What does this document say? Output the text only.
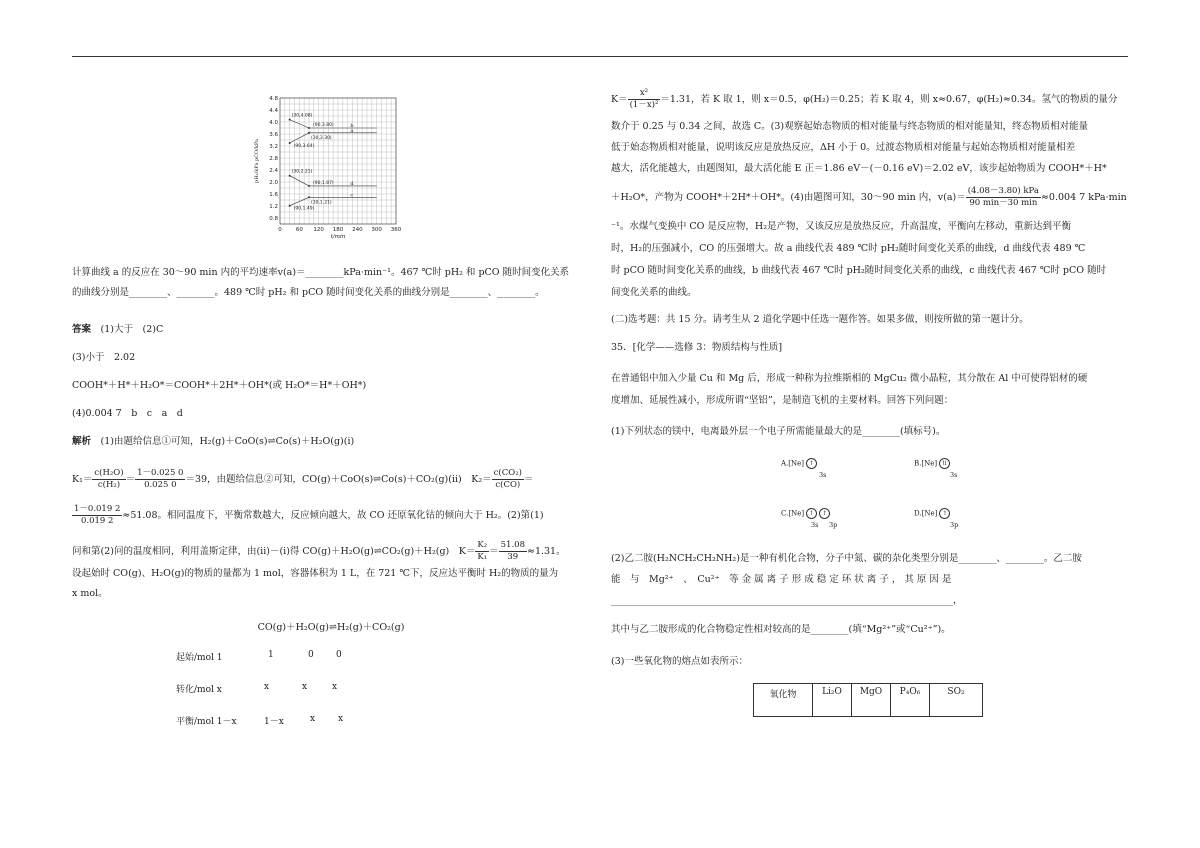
0	60 120 180 240 300 360
0.8
1.2
1.6
2.0
2.4
2.8
3.2
3.6
4.0
4.4
4.8
t/min
pH₂/kPa pCO/kPa
(30,4.08)
(90,3.80)	b
(90,3.64)
(30,3.30)
a
(30,2.21)
(90,1.87)	d
(90,1.49)
(30,1.21)
c

计算曲线 a 的反应在 30～90 min 内的平均速率v(a)＝________kPa·min⁻¹。467 ℃时 pH₂ 和 pCO 随时间变化关系

的曲线分别是________、________。489 ℃时 pH₂ 和 pCO 随时间变化关系的曲线分别是________、________。

答案　 (1)大于　(2)C

(3)小于　2.02

COOH*＋H*＋H₂O*＝COOH*＋2H*＋OH*(或 H₂O*＝H*＋OH*)

(4)0.004 7　b　c　a　d

解析　 (1)由题给信息①可知，H₂(g)＋CoO(s)⇌Co(s)＋H₂O(g)(i)

$K_1= \frac{\text{c(H₂O)}}{\text{c(H₂)}} = \frac{1-0.025 0}{0.025 0} =39$，由题给信息②可知，CO(g)＋CoO(s)⇌Co(s)＋CO₂(g)(ii)　$K_2= \frac{\text{c(CO₂)}}{c(CO)}$ ＝
$\frac{1-0.019 2}{0.019 2} \approx 51.08$。相同温度下，平衡常数越大，反应倾向越大，故 CO 还原氧化钴的倾向大于 H₂。(2)第(1)
问和第(2)问的温度相同，利用盖斯定律，由(ii)－(i)得 CO(g)＋H₂O(g)⇌CO₂(g)＋H₂(g)　$K= \frac{\text{K₂}}{\text{K₁}} = \frac{51.08}{39} \approx 1.31$。

设起始时 CO(g)、H₂O(g)的物质的量都为 1 mol，容器体积为 1 L，在 721 ℃下，反应达平衡时 H₂的物质的量为

x mol。

CO(g)＋H₂O(g)⇌H₂(g)＋CO₂(g)

起始/mol 1	1	0 0
转化/mol x	x	x	x
平衡/mol 1－x	1－x	x	x
$K= \frac{\text{x²}}{\text{(1－x)²}} =1.31$，若 K 取 1，则 x＝0.5，φ(H₂)＝0.25；若 K 取 4，则 x≈0.67，φ(H₂)≈0.34。氢气的物质的量分

数介于 0.25 与 0.34 之间，故选 C。(3)观察起始态物质的相对能量与终态物质的相对能量知，终态物质相对能量

低于始态物质相对能量，说明该反应是放热反应，ΔH 小于 0。过渡态物质相对能量与起始态物质相对能量相差

越大，活化能越大，由题图知，最大活化能 E 正＝1.86 eV－(－0.16 eV)＝2.02 eV，该步起始物质为 COOH*＋H*

＋H₂O*，产物为 COOH*＋2H*＋OH*。(4)由题图可知，30～90 min 内，$v(a)= \frac{\text{(4.08－3.80) kPa}}{90 \min-30 \min} \approx 0.004$ 7 kPa·min

⁻¹。水煤气变换中 CO 是反应物，H₂是产物，又该反应是放热反应，升高温度，平衡向左移动，重新达到平衡

时，H₂的压强减小，CO 的压强增大。故 a 曲线代表 489 ℃时 pH₂随时间变化关系的曲线，d 曲线代表 489 ℃

时 pCO 随时间变化关系的曲线，b 曲线代表 467 ℃时 pH₂随时间变化关系的曲线，c 曲线代表 467 ℃时 pCO 随时

间变化关系的曲线。

(二)选考题：共 15 分。请考生从 2 道化学题中任选一题作答。如果多做，则按所做的第一题计分。

35．[化学——选修 3：物质结构与性质]

在普通铝中加入少量 Cu 和 Mg 后，形成一种称为拉维斯相的 MgCu₂ 微小晶粒，其分散在 Al 中可使得铝材的硬

度增加、延展性减小，形成所谓“坚铝”，是制造飞机的主要材料。回答下列问题：

(1)下列状态的镁中，电离最外层一个电子所需能量最大的是________(填标号)。

A.[Ne] ↑
3s
B.[Ne] ⇅
3s
C.[Ne] ↑ ↑
3s 3p
D.[Ne] ↑
3p

(2)乙二胺(H₂NCH₂CH₂NH₂)是一种有机化合物，分子中氮、碳的杂化类型分别是________、________。乙二胺

能　与　Mg²⁺　、　Cu²⁺　等 金 属 离 子 形 成 稳 定 环 状 离 子 ， 其 原 因 是

________________________________________________________________________，

其中与乙二胺形成的化合物稳定性相对较高的是________(填“Mg²⁺”或“Cu²⁺”)。

(3)一些氧化物的熔点如表所示：

氧化物	Li₂O	MgO	P₄O₆	SO₂
